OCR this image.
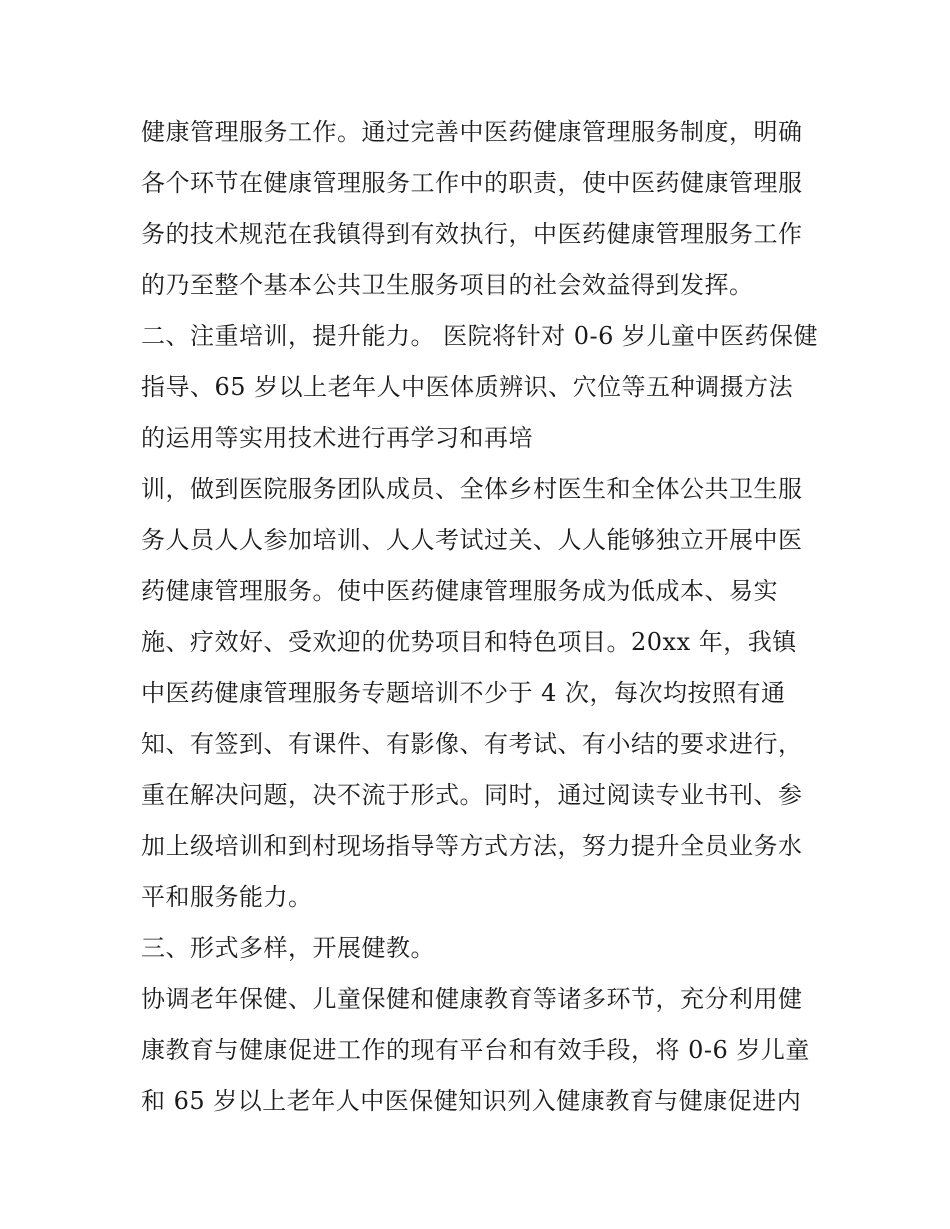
健康管理服务工作。通过完善中医药健康管理服务制度，明确
各个环节在健康管理服务工作中的职责，使中医药健康管理服
务的技术规范在我镇得到有效执行，中医药健康管理服务工作
的乃至整个基本公共卫生服务项目的社会效益得到发挥。
二、注重培训，提升能力。 医院将针对 0-6 岁儿童中医药保健
指导、65 岁以上老年人中医体质辨识、穴位等五种调摄方法
的运用等实用技术进行再学习和再培
训，做到医院服务团队成员、全体乡村医生和全体公共卫生服
务人员人人参加培训、人人考试过关、人人能够独立开展中医
药健康管理服务。使中医药健康管理服务成为低成本、易实
施、疗效好、受欢迎的优势项目和特色项目。20xx 年，我镇
中医药健康管理服务专题培训不少于 4 次，每次均按照有通
知、有签到、有课件、有影像、有考试、有小结的要求进行，
重在解决问题，决不流于形式。同时，通过阅读专业书刊、参
加上级培训和到村现场指导等方式方法，努力提升全员业务水
平和服务能力。
三、形式多样，开展健教。
协调老年保健、儿童保健和健康教育等诸多环节，充分利用健
康教育与健康促进工作的现有平台和有效手段，将 0-6 岁儿童
和 65 岁以上老年人中医保健知识列入健康教育与健康促进内
